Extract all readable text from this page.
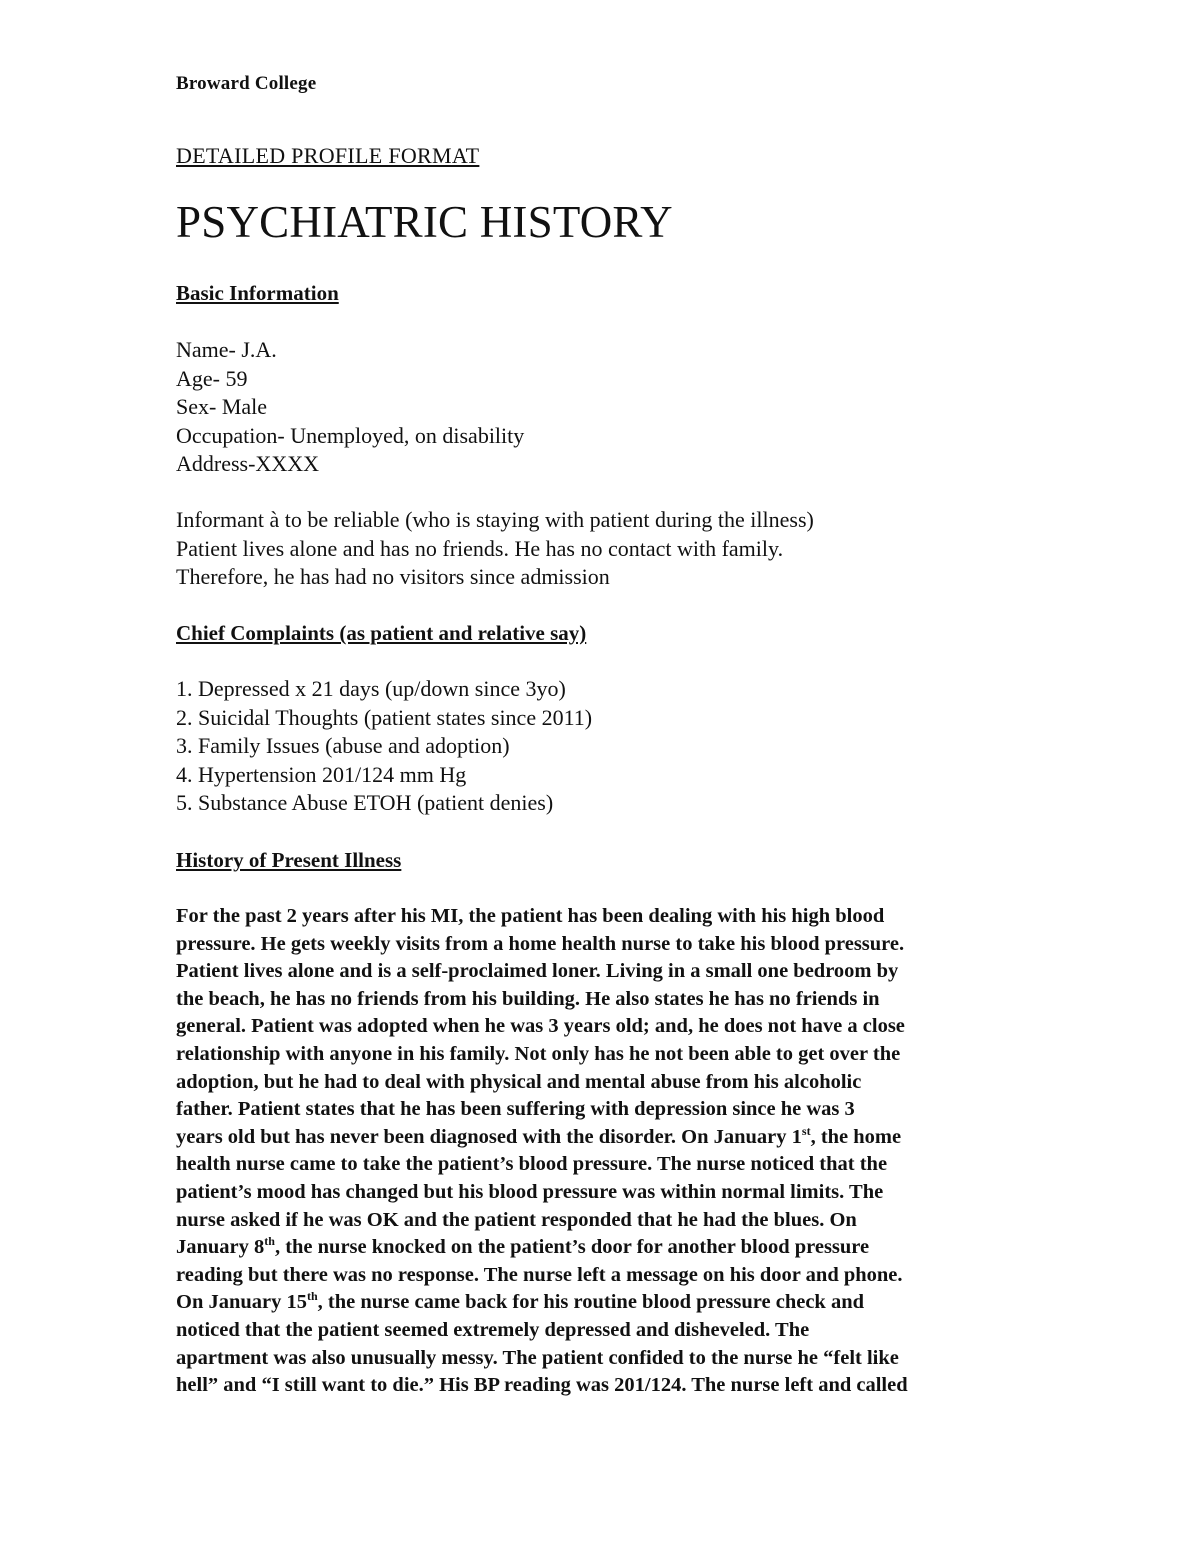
Broward College
DETAILED PROFILE FORMAT
PSYCHIATRIC HISTORY
Basic Information
Name- J.A.
Age- 59
Sex- Male
Occupation- Unemployed, on disability
Address-XXXX
Informant à to be reliable (who is staying with patient during the illness)
Patient lives alone and has no friends. He has no contact with family.
Therefore, he has had no visitors since admission
Chief Complaints (as patient and relative say)
1. Depressed x 21 days (up/down since 3yo)
2. Suicidal Thoughts (patient states since 2011)
3. Family Issues (abuse and adoption)
4. Hypertension 201/124 mm Hg
5. Substance Abuse ETOH (patient denies)
History of Present Illness
For the past 2 years after his MI, the patient has been dealing with his high blood
pressure. He gets weekly visits from a home health nurse to take his blood pressure.
Patient lives alone and is a self-proclaimed loner. Living in a small one bedroom by
the beach, he has no friends from his building. He also states he has no friends in
general. Patient was adopted when he was 3 years old; and, he does not have a close
relationship with anyone in his family. Not only has he not been able to get over the
adoption, but he had to deal with physical and mental abuse from his alcoholic
father. Patient states that he has been suffering with depression since he was 3
years old but has never been diagnosed with the disorder. On January 1st, the home
health nurse came to take the patient’s blood pressure. The nurse noticed that the
patient’s mood has changed but his blood pressure was within normal limits. The
nurse asked if he was OK and the patient responded that he had the blues. On
January 8th, the nurse knocked on the patient’s door for another blood pressure
reading but there was no response. The nurse left a message on his door and phone.
On January 15th, the nurse came back for his routine blood pressure check and
noticed that the patient seemed extremely depressed and disheveled. The
apartment was also unusually messy. The patient confided to the nurse he “felt like
hell” and “I still want to die.” His BP reading was 201/124. The nurse left and called
